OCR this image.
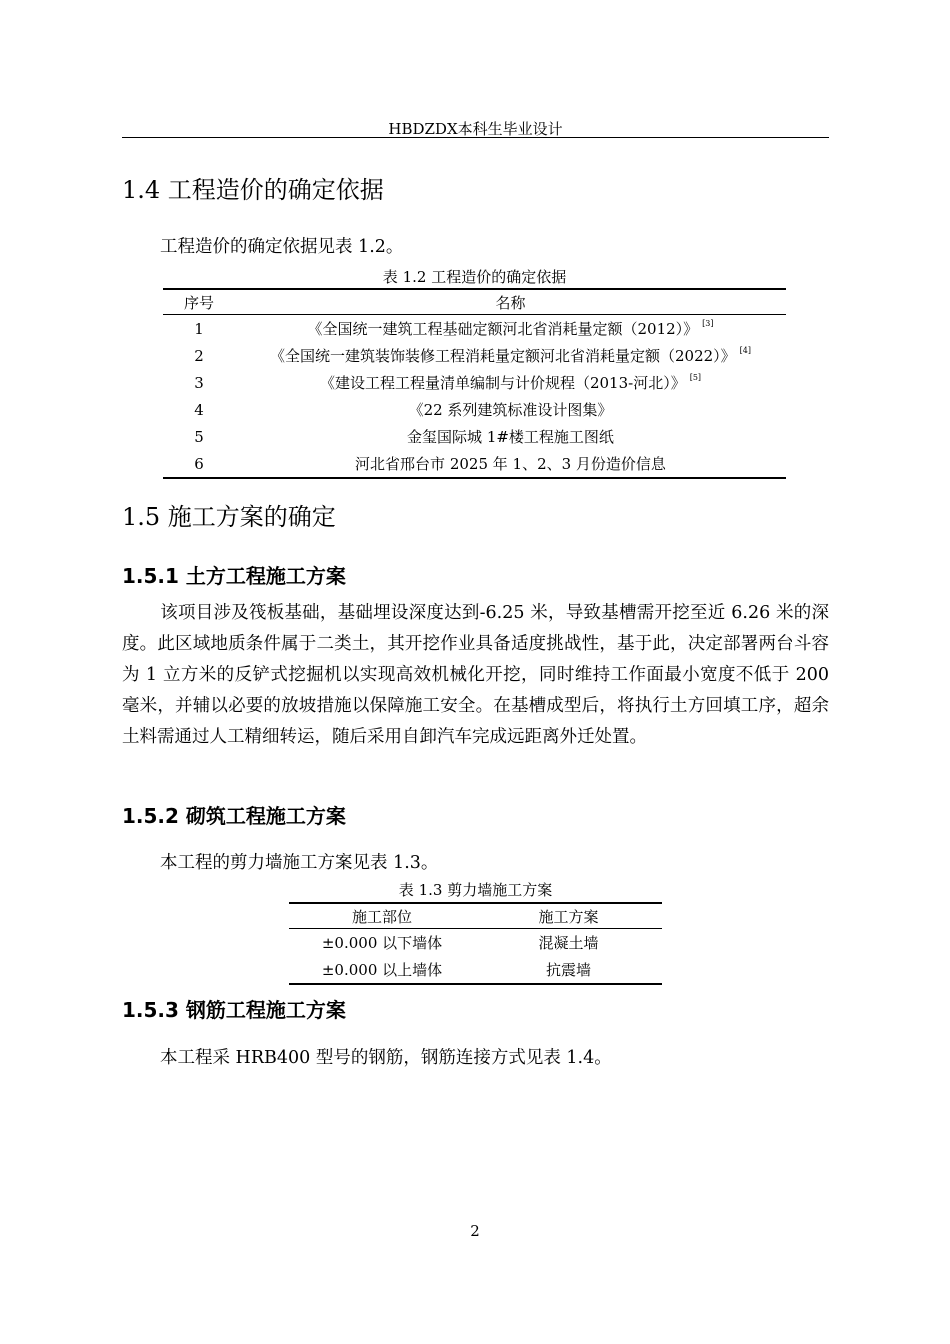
HBDZDX本科生毕业设计
1.4 工程造价的确定依据
工程造价的确定依据见表 1.2。
表 1.2 工程造价的确定依据
序号	名称
1	《全国统一建筑工程基础定额河北省消耗量定额（2012）》 [3]
2	《全国统一建筑装饰装修工程消耗量定额河北省消耗量定额（2022）》 [4]
3	《建设工程工程量清单编制与计价规程（2013-河北）》 [5]
4	《22 系列建筑标准设计图集》
5	金玺国际城 1#楼工程施工图纸
6	河北省邢台市 2025 年 1、2、3 月份造价信息
1.5 施工方案的确定
1.5.1 土方工程施工方案
该项目涉及筏板基础，基础埋设深度达到-6.25 米，导致基槽需开挖至近 6.26 米的深度。此区域地质条件属于二类土，其开挖作业具备适度挑战性，基于此，决定部署两台斗容为 1 立方米的反铲式挖掘机以实现高效机械化开挖，同时维持工作面最小宽度不低于 200 毫米，并辅以必要的放坡措施以保障施工安全。在基槽成型后，将执行土方回填工序，超余土料需通过人工精细转运，随后采用自卸汽车完成远距离外迁处置。
1.5.2 砌筑工程施工方案
本工程的剪力墙施工方案见表 1.3。
表 1.3 剪力墙施工方案
施工部位	施工方案
±0.000 以下墙体	混凝土墙
±0.000 以上墙体	抗震墙
1.5.3 钢筋工程施工方案
本工程采 HRB400 型号的钢筋，钢筋连接方式见表 1.4。
2
